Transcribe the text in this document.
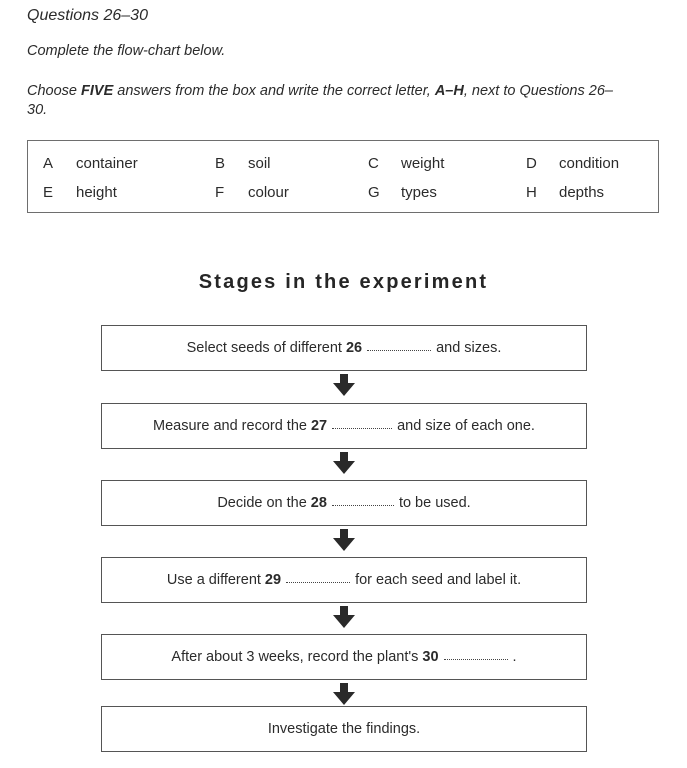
Questions 26–30
Complete the flow-chart below.
Choose FIVE answers from the box and write the correct letter, A–H, next to Questions 26–30.
A container	B soil	C weight	D condition
E height	F colour	G types	H depths
Stages in the experiment
Select seeds of different 26	and sizes.
Measure and record the 27	and size of each one.
Decide on the 28	to be used.
Use a different 29	for each seed and label it.
After about 3 weeks, record the plant's 30	.
Investigate the findings.
